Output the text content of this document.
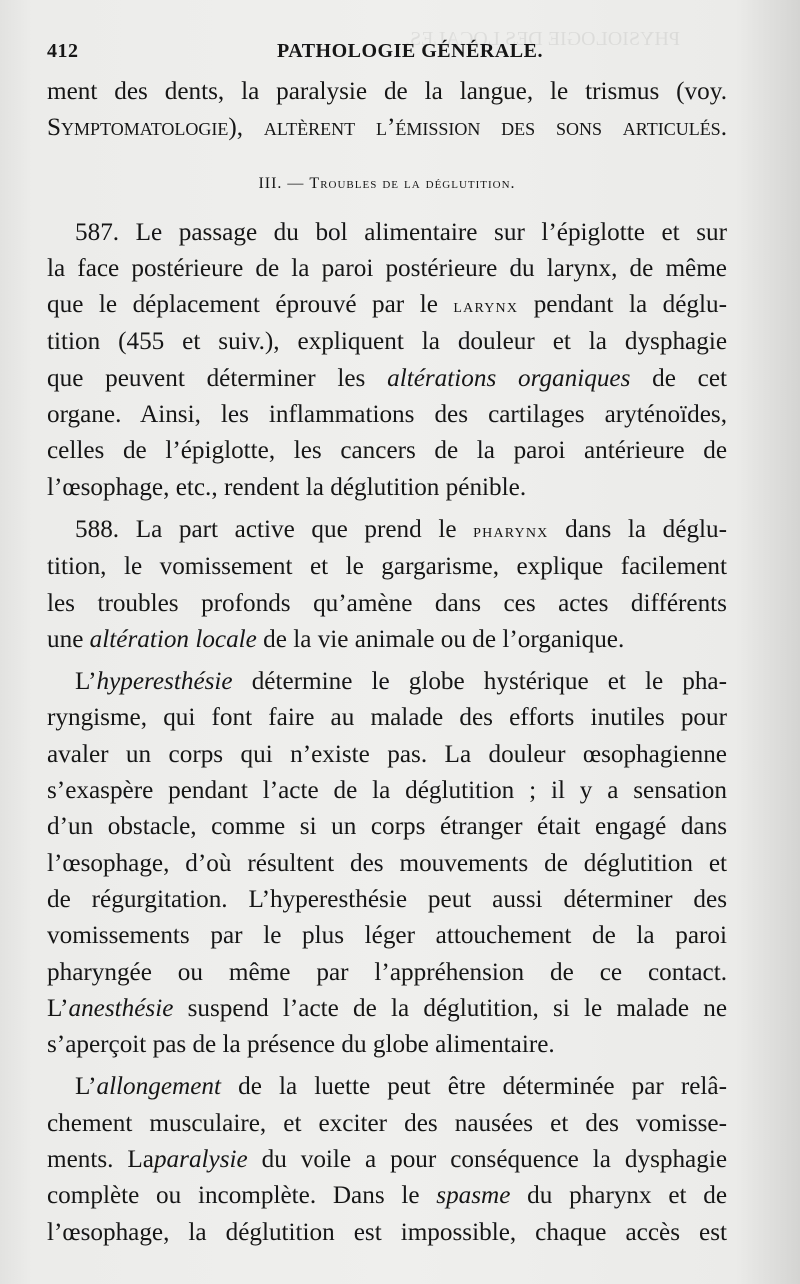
PHYSIOLOGIE DES LOCALES.
412	PATHOLOGIE GÉNÉRALE.
ment des dents, la paralysie de la langue, le trismus (voy.
Symptomatologie), altèrent l’émission des sons articulés.
III. — Troubles de la déglutition.
587. Le passage du bol alimentaire sur l’épiglotte et sur
la face postérieure de la paroi postérieure du larynx, de même
que le déplacement éprouvé par le larynx pendant la déglu-
tition (455 et suiv.), expliquent la douleur et la dysphagie
que peuvent déterminer les altérations organiques de cet
organe. Ainsi, les inflammations des cartilages aryténoïdes,
celles de l’épiglotte, les cancers de la paroi antérieure de
l’œsophage, etc., rendent la déglutition pénible.
588. La part active que prend le pharynx dans la déglu-
tition, le vomissement et le gargarisme, explique facilement
les troubles profonds qu’amène dans ces actes différents
une altération locale de la vie animale ou de l’organique.
L’hyperesthésie détermine le globe hystérique et le pha-
ryngisme, qui font faire au malade des efforts inutiles pour
avaler un corps qui n’existe pas. La douleur œsophagienne
s’exaspère pendant l’acte de la déglutition ; il y a sensation
d’un obstacle, comme si un corps étranger était engagé dans
l’œsophage, d’où résultent des mouvements de déglutition et
de régurgitation. L’hyperesthésie peut aussi déterminer des
vomissements par le plus léger attouchement de la paroi
pharyngée ou même par l’appréhension de ce contact.
L’anesthésie suspend l’acte de la déglutition, si le malade ne
s’aperçoit pas de la présence du globe alimentaire.
L’allongement de la luette peut être déterminée par relâ-
chement musculaire, et exciter des nausées et des vomisse-
ments. Laparalysie du voile a pour conséquence la dysphagie
complète ou incomplète. Dans le spasme du pharynx et de
l’œsophage, la déglutition est impossible, chaque accès est
